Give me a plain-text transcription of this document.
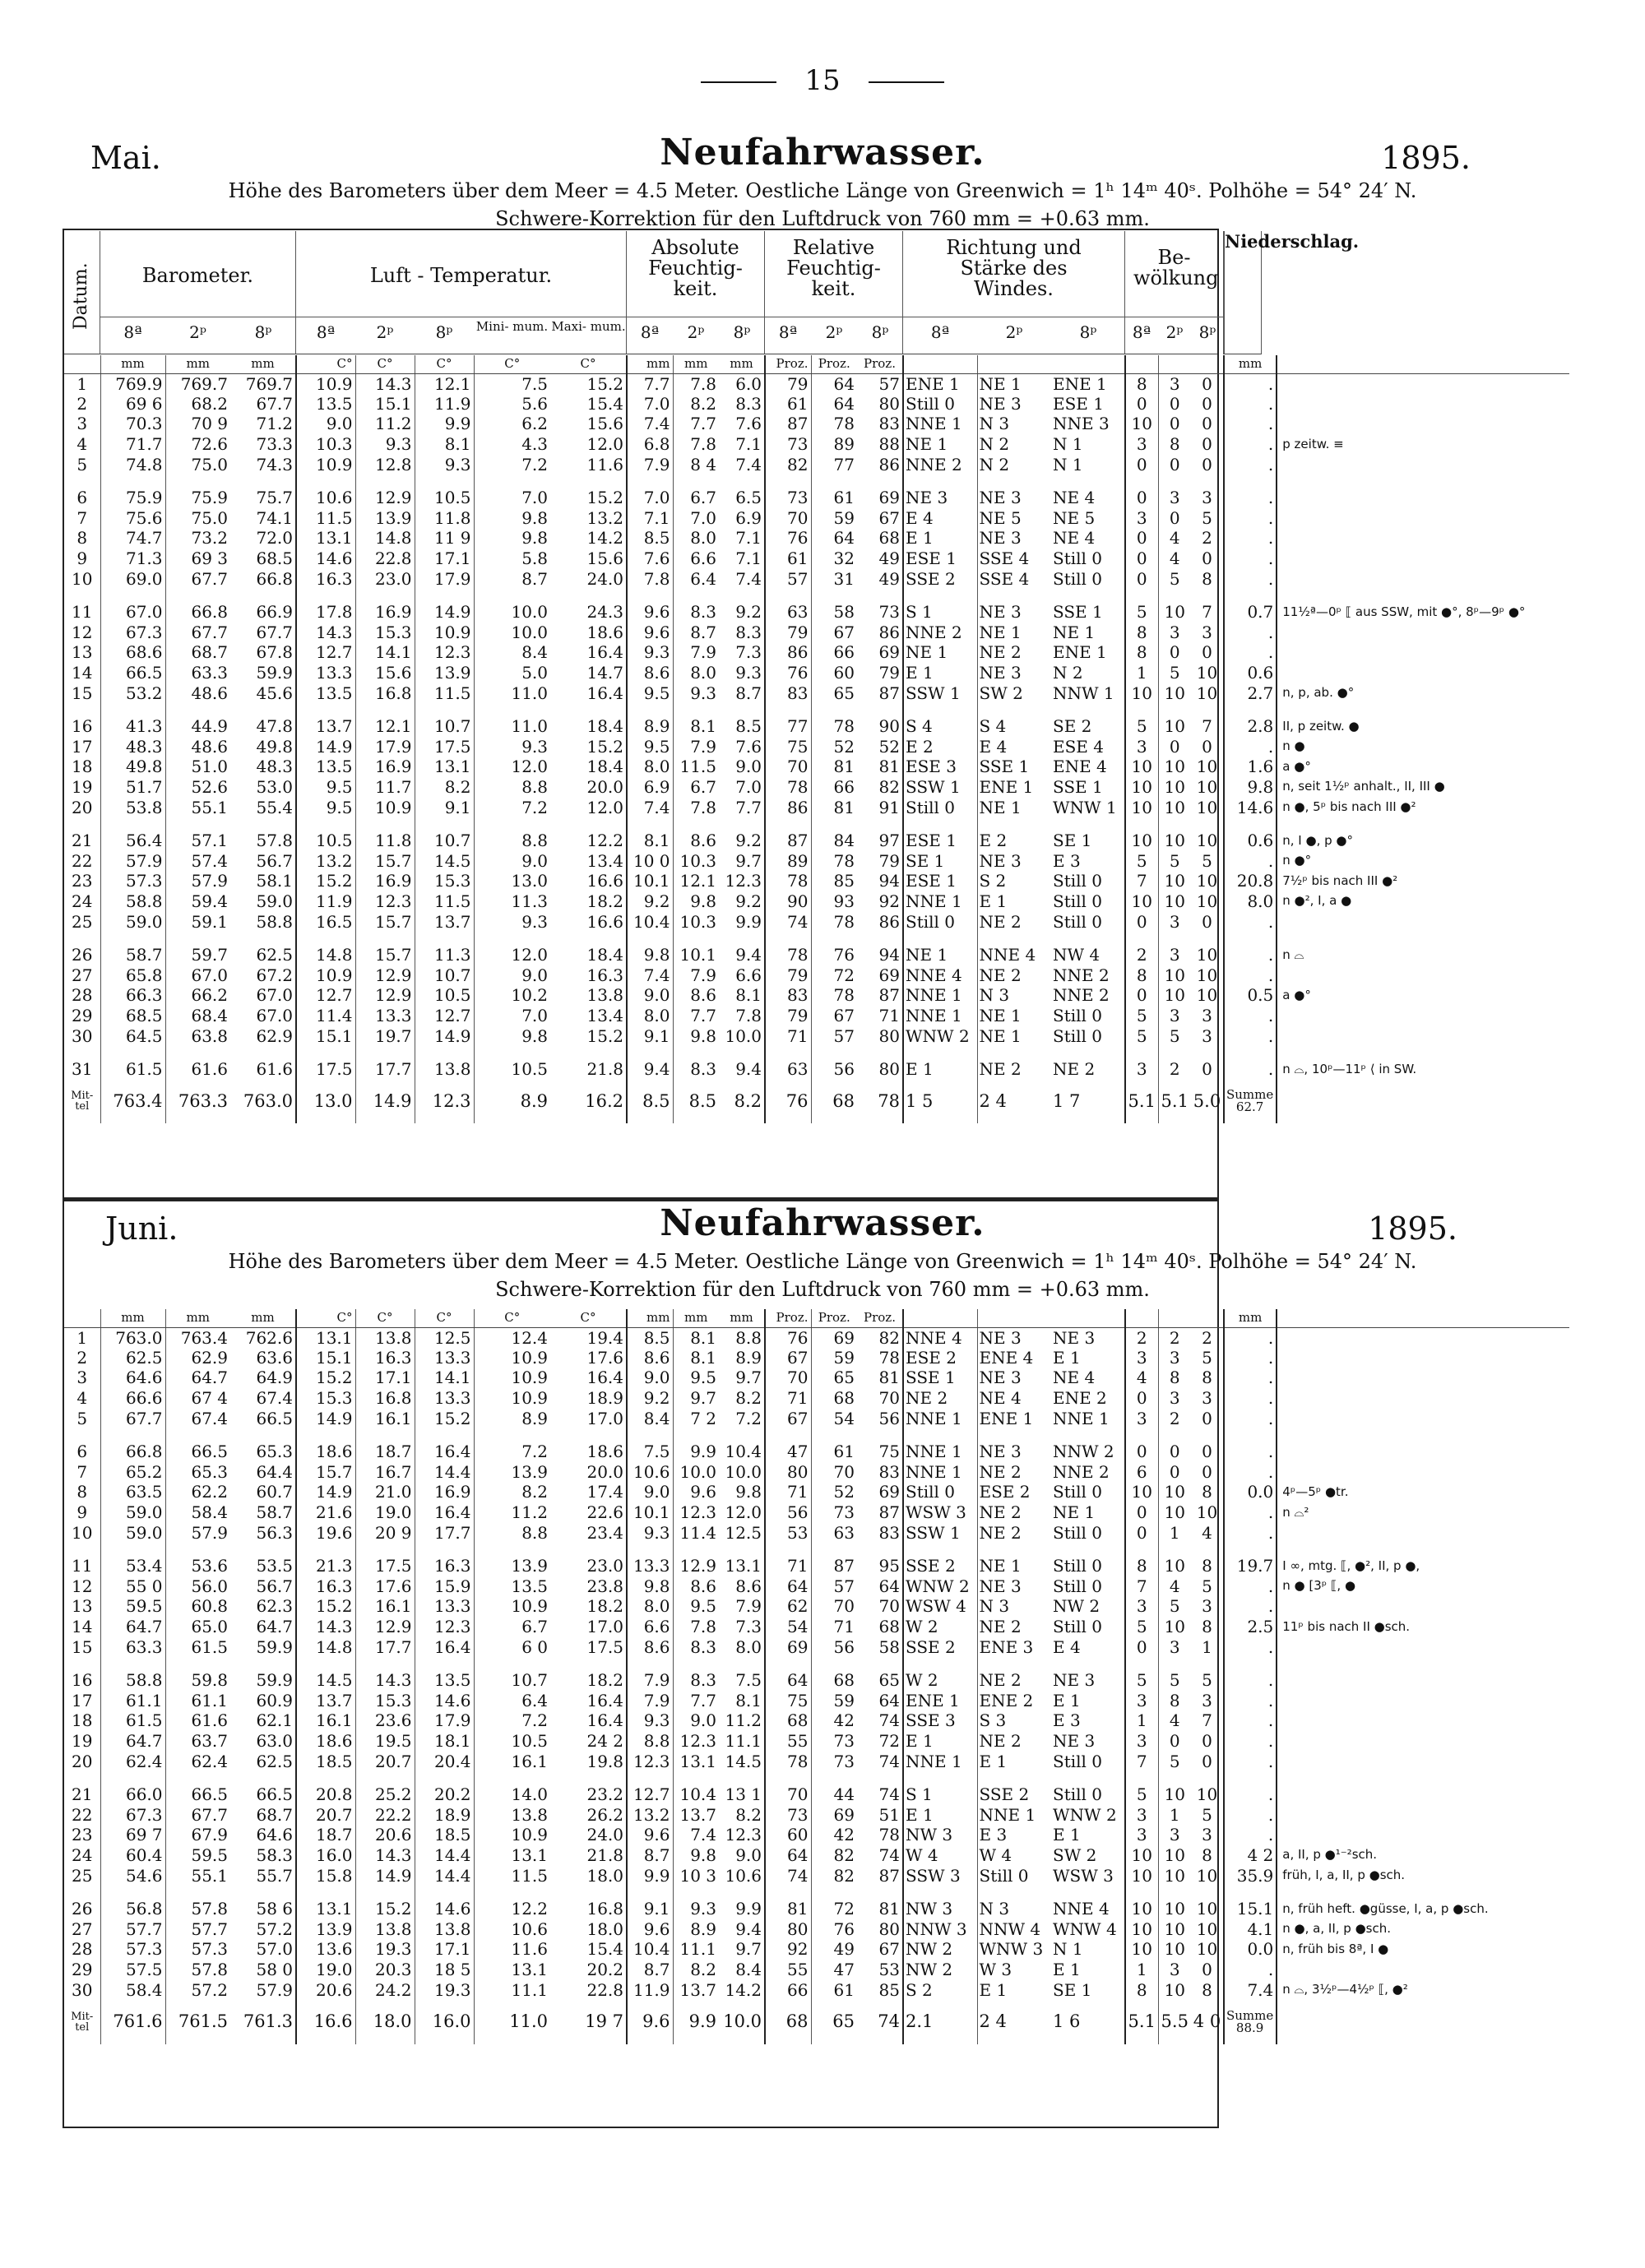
15
Neufahrwasser.
Mai.	1895.
Höhe des Barometers über dem Meer = 4.5 Meter. Oestliche Länge von Greenwich = 1ʰ 14ᵐ 40ˢ. Polhöhe = 54° 24′ N.
Schwere-Korrektion für den Luftdruck von 760 mm = +0.63 mm.
Datum.	Barometer.
8ª	2ᵖ	8ᵖ
Luft - Temperatur.
8ª	2ᵖ	8ᵖ	Mini- mum. Maxi- mum.
Absolute Feuchtig- keit.
8ª	2ᵖ	8ᵖ
Relative Feuchtig- keit.
8ª	2ᵖ	8ᵖ
Richtung und Stärke des Windes.
8ª	2ᵖ	8ᵖ
Be- wölkung
8ª 2ᵖ 8ᵖ
Niederschlag.
	mm	mm	mm	C°	C°	C°	C°	C°	mm	mm	mm	Proz.	Proz.	Proz.							mm	
1	769.9	769.7	769.7	10.9	14.3	12.1	7.5	15.2	7.7	7.8	6.0	79	64	57	ENE 1	NE 1	ENE 1	8	3	0	.	
2	69 6	68.2	67.7	13.5	15.1	11.9	5.6	15.4	7.0	8.2	8.3	61	64	80	Still 0	NE 3	ESE 1	0	0	0	.	
3	70.3	70 9	71.2	9.0	11.2	9.9	6.2	15.6	7.4	7.7	7.6	87	78	83	NNE 1	N 3	NNE 3	10	0	0	.	
4	71.7	72.6	73.3	10.3	9.3	8.1	4.3	12.0	6.8	7.8	7.1	73	89	88	NE 1	N 2	N 1	3	8	0	.	p zeitw. ≡
5	74.8	75.0	74.3	10.9	12.8	9.3	7.2	11.6	7.9	8 4	7.4	82	77	86	NNE 2	N 2	N 1	0	0	0	.	

6	75.9	75.9	75.7	10.6	12.9	10.5	7.0	15.2	7.0	6.7	6.5	73	61	69	NE 3	NE 3	NE 4	0	3	3	.	
7	75.6	75.0	74.1	11.5	13.9	11.8	9.8	13.2	7.1	7.0	6.9	70	59	67	E 4	NE 5	NE 5	3	0	5	.	
8	74.7	73.2	72.0	13.1	14.8	11 9	9.8	14.2	8.5	8.0	7.1	76	64	68	E 1	NE 3	NE 4	0	4	2	.	
9	71.3	69 3	68.5	14.6	22.8	17.1	5.8	15.6	7.6	6.6	7.1	61	32	49	ESE 1	SSE 4	Still 0	0	4	0	.	
10	69.0	67.7	66.8	16.3	23.0	17.9	8.7	24.0	7.8	6.4	7.4	57	31	49	SSE 2	SSE 4	Still 0	0	5	8	.	

11	67.0	66.8	66.9	17.8	16.9	14.9	10.0	24.3	9.6	8.3	9.2	63	58	73	S 1	NE 3	SSE 1	5	10	7	0.7	11½ª—0ᵖ ⟦ aus SSW, mit ●°, 8ᵖ—9ᵖ ●°
12	67.3	67.7	67.7	14.3	15.3	10.9	10.0	18.6	9.6	8.7	8.3	79	67	86	NNE 2	NE 1	NE 1	8	3	3	.	
13	68.6	68.7	67.8	12.7	14.1	12.3	8.4	16.4	9.3	7.9	7.3	86	66	69	NE 1	NE 2	ENE 1	8	0	0	.	
14	66.5	63.3	59.9	13.3	15.6	13.9	5.0	14.7	8.6	8.0	9.3	76	60	79	E 1	NE 3	N 2	1	5	10	0.6	
15	53.2	48.6	45.6	13.5	16.8	11.5	11.0	16.4	9.5	9.3	8.7	83	65	87	SSW 1	SW 2	NNW 1	10	10	10	2.7	n, p, ab. ●°

16	41.3	44.9	47.8	13.7	12.1	10.7	11.0	18.4	8.9	8.1	8.5	77	78	90	S 4	S 4	SE 2	5	10	7	2.8	II, p zeitw. ●
17	48.3	48.6	49.8	14.9	17.9	17.5	9.3	15.2	9.5	7.9	7.6	75	52	52	E 2	E 4	ESE 4	3	0	0	.	n ●
18	49.8	51.0	48.3	13.5	16.9	13.1	12.0	18.4	8.0	11.5	9.0	70	81	81	ESE 3	SSE 1	ENE 4	10	10	10	1.6	a ●°
19	51.7	52.6	53.0	9.5	11.7	8.2	8.8	20.0	6.9	6.7	7.0	78	66	82	SSW 1	ENE 1	SSE 1	10	10	10	9.8	n, seit 1½ᵖ anhalt., II, III ●
20	53.8	55.1	55.4	9.5	10.9	9.1	7.2	12.0	7.4	7.8	7.7	86	81	91	Still 0	NE 1	WNW 1	10	10	10	14.6	n ●, 5ᵖ bis nach III ●²

21	56.4	57.1	57.8	10.5	11.8	10.7	8.8	12.2	8.1	8.6	9.2	87	84	97	ESE 1	E 2	SE 1	10	10	10	0.6	n, I ●, p ●°
22	57.9	57.4	56.7	13.2	15.7	14.5	9.0	13.4	10 0	10.3	9.7	89	78	79	SE 1	NE 3	E 3	5	5	5	.	n ●°
23	57.3	57.9	58.1	15.2	16.9	15.3	13.0	16.6	10.1	12.1	12.3	78	85	94	ESE 1	S 2	Still 0	7	10	10	20.8	7½ᵖ bis nach III ●²
24	58.8	59.4	59.0	11.9	12.3	11.5	11.3	18.2	9.2	9.8	9.2	90	93	92	NNE 1	E 1	Still 0	10	10	10	8.0	n ●², I, a ●
25	59.0	59.1	58.8	16.5	15.7	13.7	9.3	16.6	10.4	10.3	9.9	74	78	86	Still 0	NE 2	Still 0	0	3	0	.	

26	58.7	59.7	62.5	14.8	15.7	11.3	12.0	18.4	9.8	10.1	9.4	78	76	94	NE 1	NNE 4	NW 4	2	3	10	.	n ⌓
27	65.8	67.0	67.2	10.9	12.9	10.7	9.0	16.3	7.4	7.9	6.6	79	72	69	NNE 4	NE 2	NNE 2	8	10	10	.	
28	66.3	66.2	67.0	12.7	12.9	10.5	10.2	13.8	9.0	8.6	8.1	83	78	87	NNE 1	N 3	NNE 2	0	10	10	0.5	a ●°
29	68.5	68.4	67.0	11.4	13.3	12.7	7.0	13.4	8.0	7.7	7.8	79	67	71	NNE 1	NE 1	Still 0	5	3	3	.	
30	64.5	63.8	62.9	15.1	19.7	14.9	9.8	15.2	9.1	9.8	10.0	71	57	80	WNW 2	NE 1	Still 0	5	5	3	.	

31	61.5	61.6	61.6	17.5	17.7	13.8	10.5	21.8	9.4	8.3	9.4	63	56	80	E 1	NE 2	NE 2	3	2	0	.	n ⌓, 10ᵖ—11ᵖ ⟨ in SW.
Mit-tel	763.4	763.3	763.0	13.0	14.9	12.3	8.9	16.2	8.5	8.5	8.2	76	68	78	1 5	2 4	1 7	5.1	5.1	5.0	Summe 62.7	
Neufahrwasser.
Juni.	1895.
Höhe des Barometers über dem Meer = 4.5 Meter. Oestliche Länge von Greenwich = 1ʰ 14ᵐ 40ˢ. Polhöhe = 54° 24′ N.
Schwere-Korrektion für den Luftdruck von 760 mm = +0.63 mm.
	mm	mm	mm	C°	C°	C°	C°	C°	mm	mm	mm	Proz.	Proz.	Proz.							mm	
1	763.0	763.4	762.6	13.1	13.8	12.5	12.4	19.4	8.5	8.1	8.8	76	69	82	NNE 4	NE 3	NE 3	2	2	2	.	
2	62.5	62.9	63.6	15.1	16.3	13.3	10.9	17.6	8.6	8.1	8.9	67	59	78	ESE 2	ENE 4	E 1	3	3	5	.	
3	64.6	64.7	64.9	15.2	17.1	14.1	10.9	16.4	9.0	9.5	9.7	70	65	81	SSE 1	NE 3	NE 4	4	8	8	.	
4	66.6	67 4	67.4	15.3	16.8	13.3	10.9	18.9	9.2	9.7	8.2	71	68	70	NE 2	NE 4	ENE 2	0	3	3	.	
5	67.7	67.4	66.5	14.9	16.1	15.2	8.9	17.0	8.4	7 2	7.2	67	54	56	NNE 1	ENE 1	NNE 1	3	2	0	.	

6	66.8	66.5	65.3	18.6	18.7	16.4	7.2	18.6	7.5	9.9	10.4	47	61	75	NNE 1	NE 3	NNW 2	0	0	0	.	
7	65.2	65.3	64.4	15.7	16.7	14.4	13.9	20.0	10.6	10.0	10.0	80	70	83	NNE 1	NE 2	NNE 2	6	0	0	.	
8	63.5	62.2	60.7	14.9	21.0	16.9	8.2	17.4	9.0	9.6	9.8	71	52	69	Still 0	ESE 2	Still 0	10	10	8	0.0	4ᵖ—5ᵖ ●tr.
9	59.0	58.4	58.7	21.6	19.0	16.4	11.2	22.6	10.1	12.3	12.0	56	73	87	WSW 3	NE 2	NE 1	0	10	10	.	n ⌓²
10	59.0	57.9	56.3	19.6	20 9	17.7	8.8	23.4	9.3	11.4	12.5	53	63	83	SSW 1	NE 2	Still 0	0	1	4	.	

11	53.4	53.6	53.5	21.3	17.5	16.3	13.9	23.0	13.3	12.9	13.1	71	87	95	SSE 2	NE 1	Still 0	8	10	8	19.7	I ∞, mtg. ⟦, ●², II, p ●,
12	55 0	56.0	56.7	16.3	17.6	15.9	13.5	23.8	9.8	8.6	8.6	64	57	64	WNW 2	NE 3	Still 0	7	4	5	.	n ● [3ᵖ ⟦, ●
13	59.5	60.8	62.3	15.2	16.1	13.3	10.9	18.2	8.0	9.5	7.9	62	70	70	WSW 4	N 3	NW 2	3	5	3	.	
14	64.7	65.0	64.7	14.3	12.9	12.3	6.7	17.0	6.6	7.8	7.3	54	71	68	W 2	NE 2	Still 0	5	10	8	2.5	11ᵖ bis nach II ●sch.
15	63.3	61.5	59.9	14.8	17.7	16.4	6 0	17.5	8.6	8.3	8.0	69	56	58	SSE 2	ENE 3	E 4	0	3	1	.	

16	58.8	59.8	59.9	14.5	14.3	13.5	10.7	18.2	7.9	8.3	7.5	64	68	65	W 2	NE 2	NE 3	5	5	5	.	
17	61.1	61.1	60.9	13.7	15.3	14.6	6.4	16.4	7.9	7.7	8.1	75	59	64	ENE 1	ENE 2	E 1	3	8	3	.	
18	61.5	61.6	62.1	16.1	23.6	17.9	7.2	16.4	9.3	9.0	11.2	68	42	74	SSE 3	S 3	E 3	1	4	7	.	
19	64.7	63.7	63.0	18.6	19.5	18.1	10.5	24 2	8.8	12.3	11.1	55	73	72	E 1	NE 2	NE 3	3	0	0	.	
20	62.4	62.4	62.5	18.5	20.7	20.4	16.1	19.8	12.3	13.1	14.5	78	73	74	NNE 1	E 1	Still 0	7	5	0	.	

21	66.0	66.5	66.5	20.8	25.2	20.2	14.0	23.2	12.7	10.4	13 1	70	44	74	S 1	SSE 2	Still 0	5	10	10	.	
22	67.3	67.7	68.7	20.7	22.2	18.9	13.8	26.2	13.2	13.7	8.2	73	69	51	E 1	NNE 1	WNW 2	3	1	5	.	
23	69 7	67.9	64.6	18.7	20.6	18.5	10.9	24.0	9.6	7.4	12.3	60	42	78	NW 3	E 3	E 1	3	3	3	.	
24	60.4	59.5	58.3	16.0	14.3	14.4	13.1	21.8	8.7	9.8	9.0	64	82	74	W 4	W 4	SW 2	10	10	8	4 2	a, II, p ●¹⁻²sch.
25	54.6	55.1	55.7	15.8	14.9	14.4	11.5	18.0	9.9	10 3	10.6	74	82	87	SSW 3	Still 0	WSW 3	10	10	10	35.9	früh, I, a, II, p ●sch.

26	56.8	57.8	58 6	13.1	15.2	14.6	12.2	16.8	9.1	9.3	9.9	81	72	81	NW 3	N 3	NNE 4	10	10	10	15.1	n, früh heft. ●güsse, I, a, p ●sch.
27	57.7	57.7	57.2	13.9	13.8	13.8	10.6	18.0	9.6	8.9	9.4	80	76	80	NNW 3	NNW 4	WNW 4	10	10	10	4.1	n ●, a, II, p ●sch.
28	57.3	57.3	57.0	13.6	19.3	17.1	11.6	15.4	10.4	11.1	9.7	92	49	67	NW 2	WNW 3	N 1	10	10	10	0.0	n, früh bis 8ª, I ●
29	57.5	57.8	58 0	19.0	20.3	18 5	13.1	20.2	8.7	8.2	8.4	55	47	53	NW 2	W 3	E 1	1	3	0	.	
30	58.4	57.2	57.9	20.6	24.2	19.3	11.1	22.8	11.9	13.7	14.2	66	61	85	S 2	E 1	SE 1	8	10	8	7.4	n ⌓, 3½ᵖ—4½ᵖ ⟦, ●²
Mit-tel	761.6	761.5	761.3	16.6	18.0	16.0	11.0	19 7	9.6	9.9	10.0	68	65	74	2.1	2 4	1 6	5.1	5.5	4 0	Summe 88.9	
